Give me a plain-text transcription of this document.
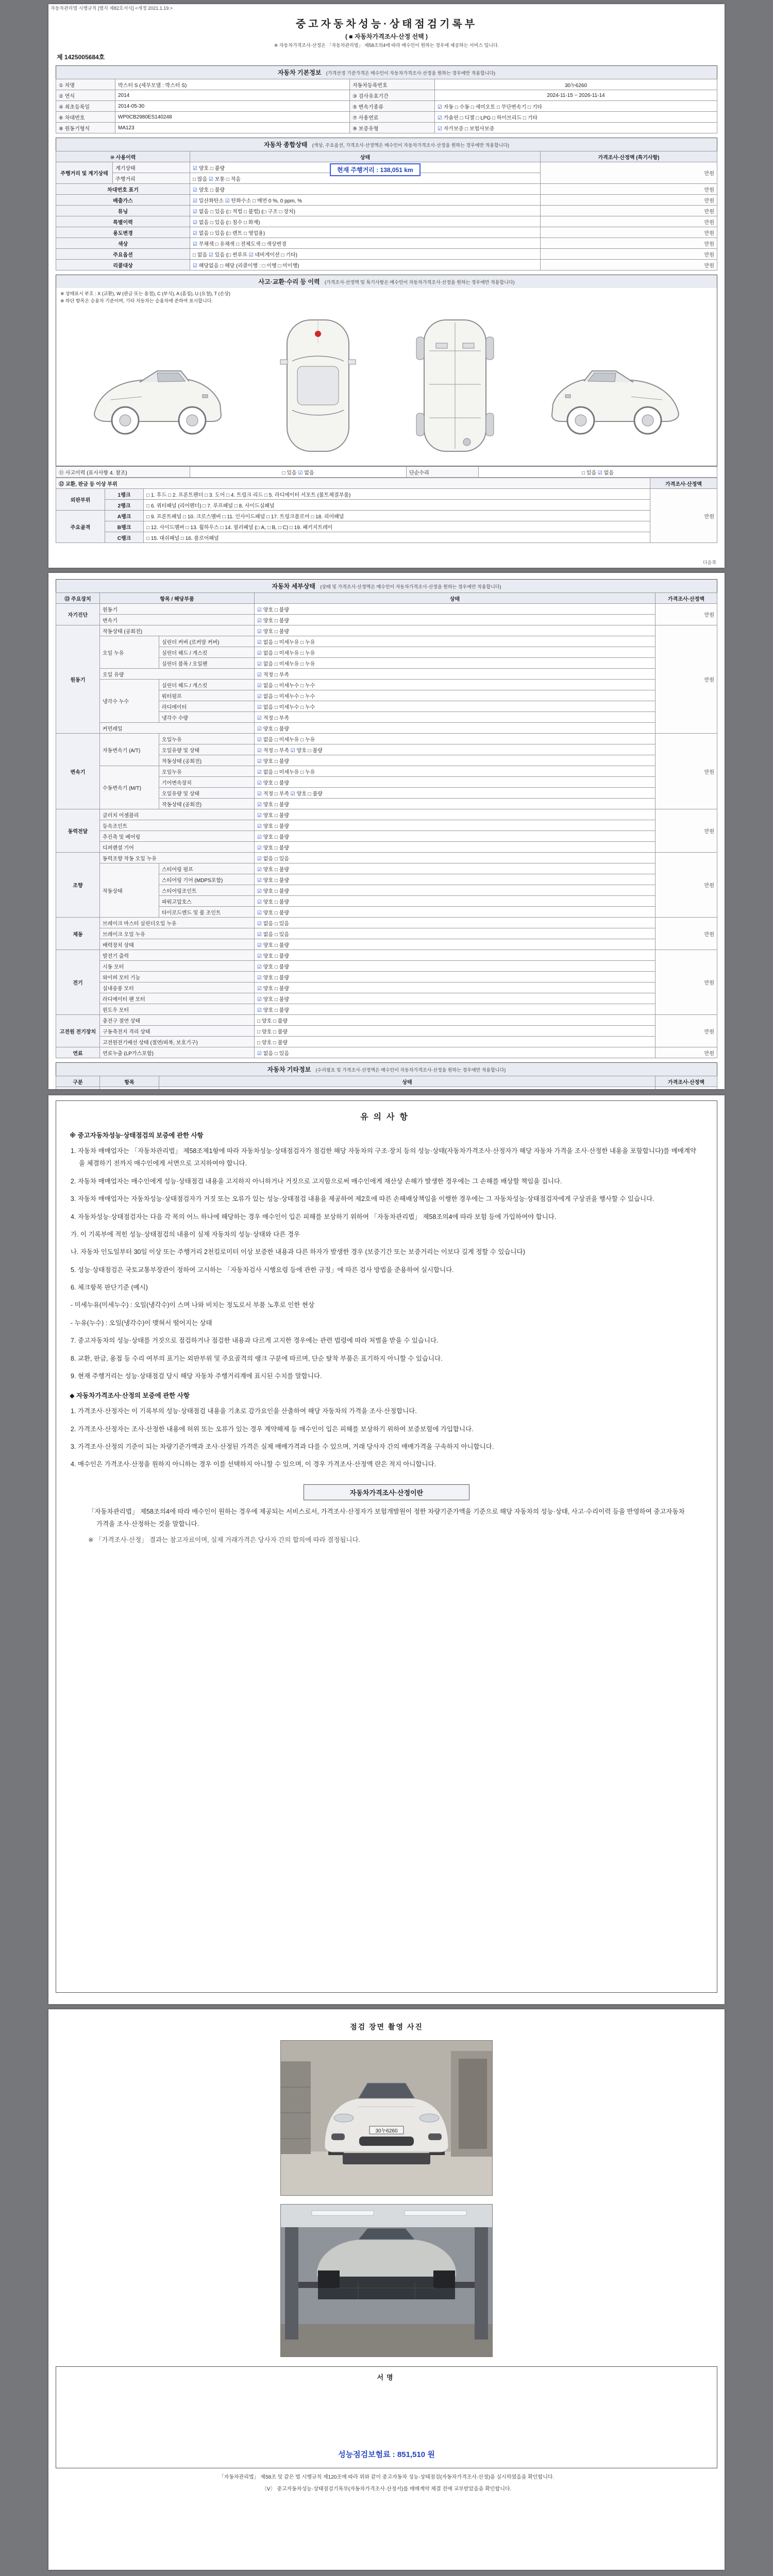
자동차관리법 시행규칙 [별지 제82호서식] <개정 2021.1.19.>
중고자동차성능·상태점검기록부
( ■ 자동차가격조사·산정 선택 )
※ 자동차가격조사·산정은 「자동차관리법」 제58조의4에 따라 매수인이 원하는 경우에 제공하는 서비스 입니다.
제 1425005684호
자동차 기본정보 (가격산정 기준가격은 매수인이 자동차가격조사·산정을 원하는 경우에만 적용합니다)
① 차명	박스터 S (세부모델 : 박스터 S)	자동차등록번호	30누6260
② 연식	2014	③ 검사유효기간	2024-11-15 ~ 2026-11-14
④ 최초등록일	2014-05-30	⑤ 변속기종류	☑ 자동 □ 수동 □ 세미오토 □ 무단변속기 □ 기타
⑥ 차대번호	WP0CB2980ES140248	⑦ 사용연료	☑ 가솔린 □ 디젤 □ LPG □ 하이브리드 □ 기타
⑧ 원동기형식	MA123	⑨ 보증유형	☑ 자가보증 □ 보험사보증
자동차 종합상태 (색상, 주요옵션, 가격조사·산정액은 매수인이 자동차가격조사·산정을 원하는 경우에만 적용합니다)
⑩ 사용이력		상태	가격조사·산정액 (특기사항)
주행거리 및 계기상태	계기상태	☑ 양호 □ 불량	만원
	주행거리	□ 많음 ☑ 보통 □ 적음	
차대번호 표기		☑ 양호 □ 불량	만원
배출가스		☑ 일산화탄소 ☑ 탄화수소 □ 매연 0 %, 0 ppm, %	만원
튜닝		☑ 없음 □ 있음 (□ 적법 □ 불법) (□ 구조 □ 장치)	만원
특별이력		☑ 없음 □ 있음 (□ 침수 □ 화재)	만원
용도변경		☑ 없음 □ 있음 (□ 렌트 □ 영업용)	만원
색상		☑ 무채색 □ 유채색 □ 전체도색 □ 색상변경	만원
주요옵션		□ 없음 ☑ 있음 (□ 썬루프 ☑ 네비게이션 □ 기타)	만원
리콜대상		☑ 해당없음 □ 해당 (리콜이행 : □ 이행 □ 미이행)	만원
현재 주행거리 : 138,051 km
사고·교환·수리 등 이력 (가격조사·산정액 및 특기사항은 매수인이 자동차가격조사·산정을 원하는 경우에만 적용합니다)
※ 상태표시 부호 : X (교환), W (판금 또는 용접), C (부식), A (흠집), U (요철), T (손상)
※ 하단 항목은 승용차 기준이며, 기타 자동차는 승용차에 준하여 표시합니다.
⑪ 사고이력 (표시사항 4. 참조)	□ 있음 ☑ 없음	단순수리	□ 있음 ☑ 없음
⑫ 교환, 판금 등 이상 부위			가격조사·산정액
외판부위	1랭크	□ 1. 후드 □ 2. 프론트펜더 □ 3. 도어 □ 4. 트렁크 리드 □ 5. 라디에이터 서포트 (볼트체결부품)	만원
	2랭크	□ 6. 쿼터패널 (리어펜더) □ 7. 루프패널 □ 8. 사이드실패널	
주요골격	A랭크	□ 9. 프론트패널 □ 10. 크로스멤버 □ 11. 인사이드패널 □ 17. 트렁크플로어 □ 18. 리어패널	
	B랭크	□ 12. 사이드멤버 □ 13. 휠하우스 □ 14. 필러패널 (□ A, □ B, □ C) □ 19. 패키지트레이	
	C랭크	□ 15. 대쉬패널 □ 16. 플로어패널	
다음쪽
자동차 세부상태 (상태 및 가격조사·산정액은 매수인이 자동차가격조사·산정을 원하는 경우에만 적용합니다)
⑬ 주요장치	항목 / 해당부품		상태	가격조사·산정액
자기진단	원동기		☑ 양호 □ 불량	만원
	변속기		☑ 양호 □ 불량	
원동기	작동상태 (공회전)		☑ 양호 □ 불량	만원
	오일 누유	실린더 커버 (로커암 커버)	☑ 없음 □ 미세누유 □ 누유	
		실린더 헤드 / 개스킷	☑ 없음 □ 미세누유 □ 누유	
		실린더 블록 / 오일팬	☑ 없음 □ 미세누유 □ 누유	
	오일 유량		☑ 적정 □ 부족	
	냉각수 누수	실린더 헤드 / 개스킷	☑ 없음 □ 미세누수 □ 누수	
		워터펌프	☑ 없음 □ 미세누수 □ 누수	
		라디에이터	☑ 없음 □ 미세누수 □ 누수	
		냉각수 수량	☑ 적정 □ 부족	
	커먼레일		☑ 양호 □ 불량	
변속기	자동변속기 (A/T)	오일누유	☑ 없음 □ 미세누유 □ 누유	만원
		오일유량 및 상태	☑ 적정 □ 부족 ☑ 양호 □ 불량	
		작동상태 (공회전)	☑ 양호 □ 불량	
	수동변속기 (M/T)	오일누유	☑ 없음 □ 미세누유 □ 누유	
		기어변속장치	☑ 양호 □ 불량	
		오일유량 및 상태	☑ 적정 □ 부족 ☑ 양호 □ 불량	
		작동상태 (공회전)	☑ 양호 □ 불량	
동력전달	클러치 어셈블리		☑ 양호 □ 불량	만원
	등속조인트		☑ 양호 □ 불량	
	추진축 및 베어링		☑ 양호 □ 불량	
	디퍼렌셜 기어		☑ 양호 □ 불량	
조향	동력조향 작동 오일 누유		☑ 없음 □ 있음	만원
	작동상태	스티어링 펌프	☑ 양호 □ 불량	
		스티어링 기어 (MDPS포함)	☑ 양호 □ 불량	
		스티어링조인트	☑ 양호 □ 불량	
		파워고압호스	☑ 양호 □ 불량	
		타이로드엔드 및 볼 조인트	☑ 양호 □ 불량	
제동	브레이크 마스터 실린더오일 누유		☑ 없음 □ 있음	만원
	브레이크 오일 누유		☑ 없음 □ 있음	
	배력장치 상태		☑ 양호 □ 불량	
전기	발전기 출력		☑ 양호 □ 불량	만원
	시동 모터		☑ 양호 □ 불량	
	와이퍼 모터 기능		☑ 양호 □ 불량	
	실내송풍 모터		☑ 양호 □ 불량	
	라디에이터 팬 모터		☑ 양호 □ 불량	
	윈도우 모터		☑ 양호 □ 불량	
고전원 전기장치	충전구 절연 상태		□ 양호 □ 불량	만원
	구동축전지 격리 상태		□ 양호 □ 불량	
	고전원전기배선 상태 (절연/피복, 보호기구)		□ 양호 □ 불량	
연료	연료누출 (LP가스포함)		☑ 없음 □ 있음	만원
자동차 기타정보 (수리필요 및 가격조사·산정액은 매수인이 자동차가격조사·산정을 원하는 경우에만 적용합니다)
구분	항목	상태	가격조사·산정액

유의사항
※ 중고자동차성능·상태점검의 보증에 관한 사항
1. 자동차 매매업자는 「자동차관리법」 제58조제1항에 따라 자동차성능·상태점검자가 점검한 해당 자동차의 구조·장치 등의 성능·상태(자동차가격조사·산정자가 해당 자동차 가격을 조사·산정한 내용을 포함합니다)를 매매계약을 체결하기 전까지 매수인에게 서면으로 고지하여야 합니다.
2. 자동차 매매업자는 매수인에게 성능·상태점검 내용을 고지하지 아니하거나 거짓으로 고지함으로써 매수인에게 재산상 손해가 발생한 경우에는 그 손해를 배상할 책임을 집니다.
3. 자동차 매매업자는 자동차성능·상태점검자가 거짓 또는 오류가 있는 성능·상태점검 내용을 제공하여 제2호에 따른 손해배상책임을 이행한 경우에는 그 자동차성능·상태점검자에게 구상권을 행사할 수 있습니다.
4. 자동차성능·상태점검자는 다음 각 목의 어느 하나에 해당하는 경우 매수인이 입은 피해를 보상하기 위하여 「자동차관리법」 제58조의4에 따라 보험 등에 가입하여야 합니다.
가. 이 기록부에 적힌 성능·상태점검의 내용이 실제 자동차의 성능·상태와 다른 경우
나. 자동차 인도일부터 30일 이상 또는 주행거리 2천킬로미터 이상 보증한 내용과 다른 하자가 발생한 경우 (보증기간 또는 보증거리는 이보다 길게 정할 수 있습니다)
5. 성능·상태점검은 국토교통부장관이 정하여 고시하는 「자동차검사 시행요령 등에 관한 규정」에 따른 검사 방법을 준용하여 실시합니다.
6. 체크항목 판단기준 (예시)
- 미세누유(미세누수) : 오일(냉각수)이 스며 나와 비치는 정도로서 부품 노후로 인한 현상
- 누유(누수) : 오일(냉각수)이 맺혀서 떨어지는 상태
7. 중고자동차의 성능·상태를 거짓으로 점검하거나 점검한 내용과 다르게 고지한 경우에는 관련 법령에 따라 처벌을 받을 수 있습니다.
8. 교환, 판금, 용접 등 수리 여부의 표기는 외판부위 및 주요골격의 랭크 구분에 따르며, 단순 탈착 부품은 표기하지 아니할 수 있습니다.
9. 현재 주행거리는 성능·상태점검 당시 해당 자동차 주행거리계에 표시된 수치를 말합니다.
◆ 자동차가격조사·산정의 보증에 관한 사항
1. 가격조사·산정자는 이 기록부의 성능·상태점검 내용을 기초로 감가요인을 산출하여 해당 자동차의 가격을 조사·산정합니다.
2. 가격조사·산정자는 조사·산정한 내용에 허위 또는 오류가 있는 경우 계약해제 등 매수인이 입은 피해를 보상하기 위하여 보증보험에 가입합니다.
3. 가격조사·산정의 기준이 되는 차량기준가액과 조사·산정된 가격은 실제 매매가격과 다를 수 있으며, 거래 당사자 간의 매매가격을 구속하지 아니합니다.
4. 매수인은 가격조사·산정을 원하지 아니하는 경우 이를 선택하지 아니할 수 있으며, 이 경우 가격조사·산정액 란은 적지 아니합니다.
자동차가격조사·산정이란
「자동차관리법」 제58조의4에 따라 매수인이 원하는 경우에 제공되는 서비스로서, 가격조사·산정자가 보험개발원이 정한 차량기준가액을 기준으로 해당 자동차의 성능·상태, 사고·수리이력 등을 반영하여 중고자동차 가격을 조사·산정하는 것을 말합니다.
※ 「가격조사·산정」 결과는 참고자료이며, 실제 거래가격은 당사자 간의 합의에 따라 결정됩니다.
점검 장면 촬영 사진
30누6260
서명
성능점검보험료 : 851,510 원
「자동차관리법」 제58조 및 같은 법 시행규칙 제120조에 따라 위와 같이 중고자동차 성능·상태점검(자동차가격조사·산정)을 실시하였음을 확인합니다.
〔Ⅴ〕 중고자동차성능·상태점검기록부(자동차가격조사·산정서)를 매매계약 체결 전에 교부받았음을 확인합니다.
